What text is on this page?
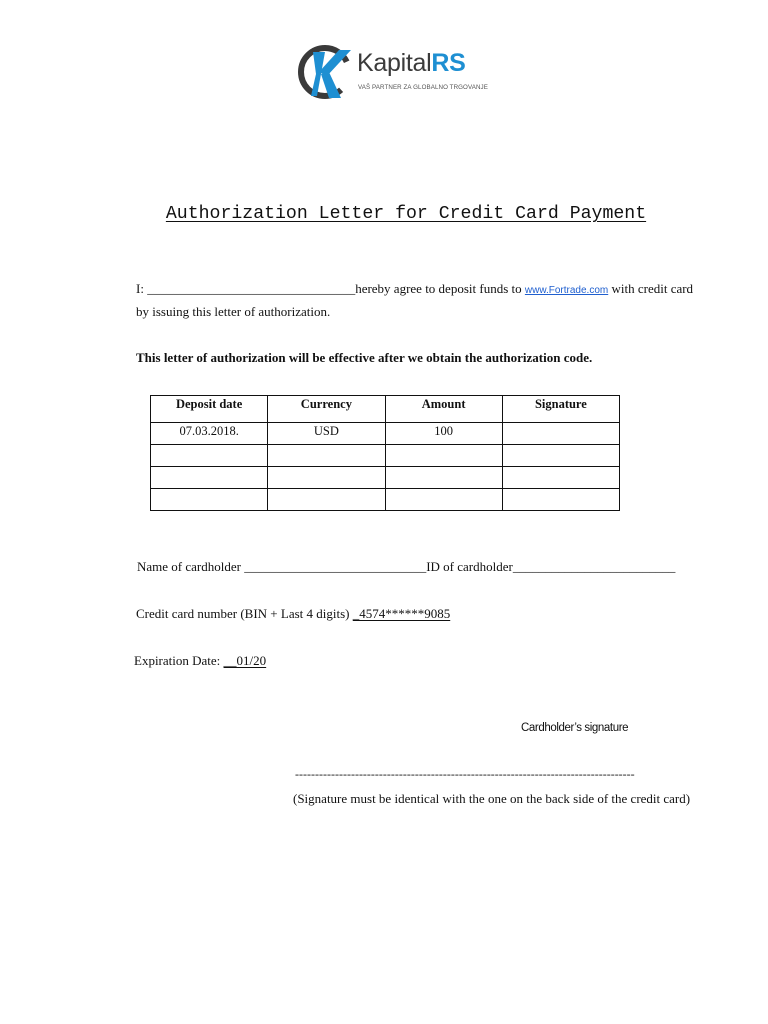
KapitalRS
VAŠ PARTNER ZA GLOBALNO TRGOVANJE
Authorization Letter for Credit Card Payment
I: ________________________________hereby agree to deposit funds to www.Fortrade.com with credit card
by issuing this letter of authorization.
This letter of authorization will be effective after we obtain the authorization code.
Deposit date	Currency	Amount	Signature
07.03.2018.	USD	100	

Name of cardholder ____________________________ID of cardholder_________________________
Credit card number (BIN + Last 4 digits) _4574******9085
Expiration Date: __01/20
Cardholder’s signature
-------------------------------------------------------------------------------------
(Signature must be identical with the one on the back side of the credit card)
